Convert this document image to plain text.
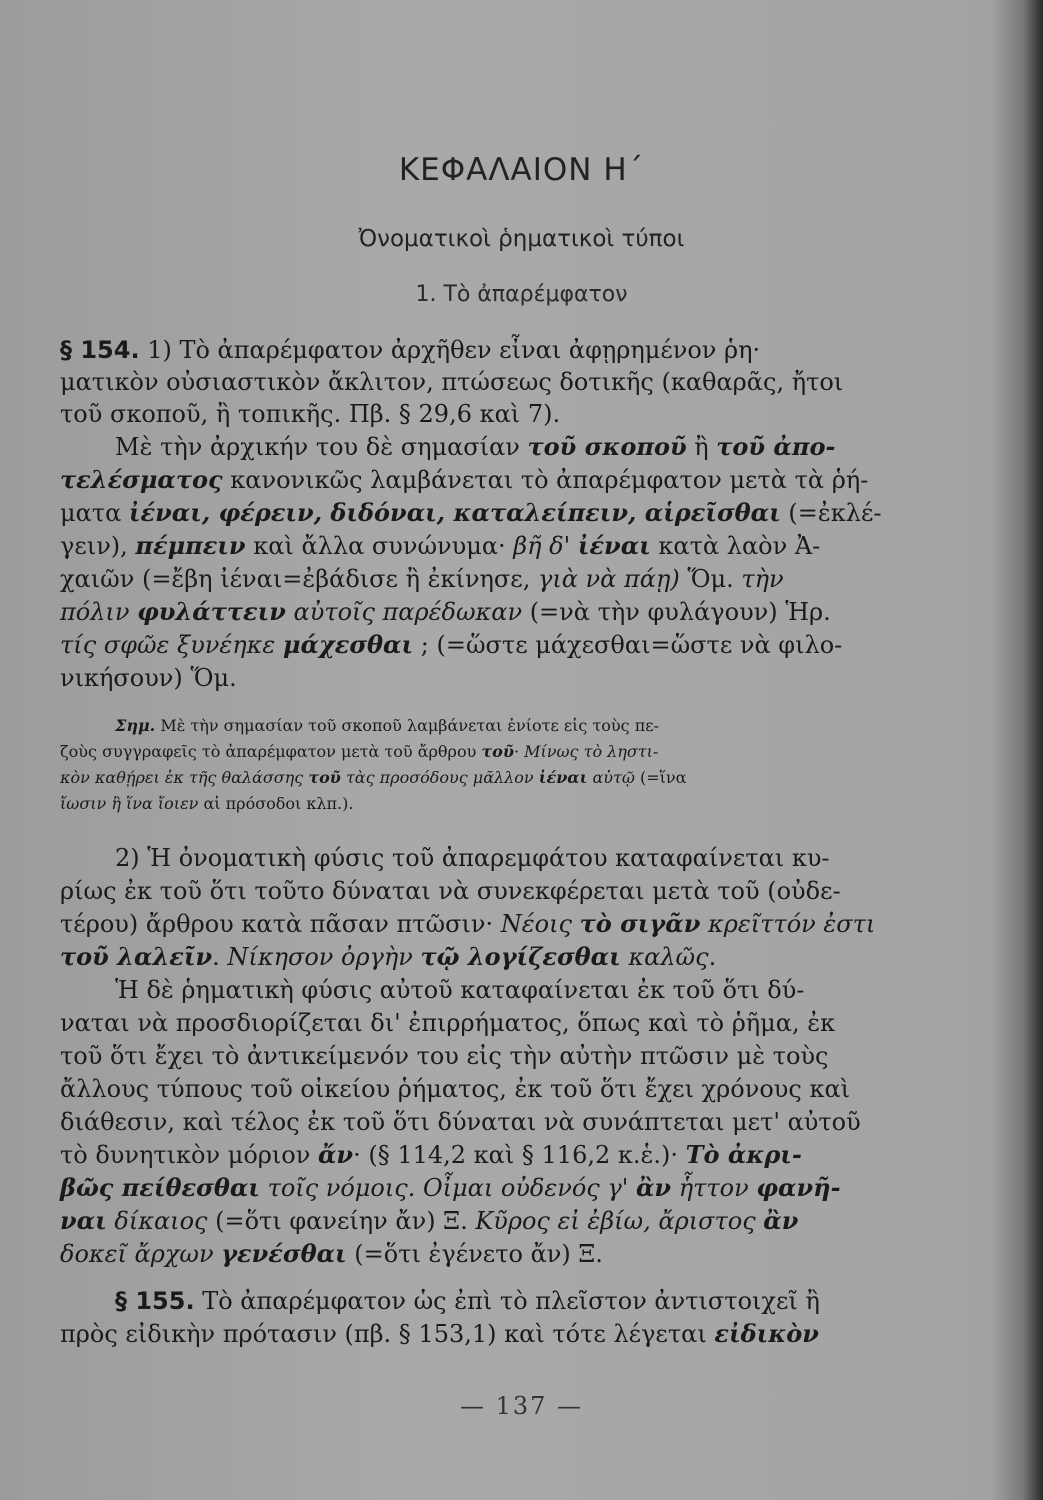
ΚΕΦΑΛΑΙΟΝ Η΄
Ὀνοματικοὶ ῥηματικοὶ τύποι
1. Τὸ ἀπαρέμφατον
§ 154. 1) Τὸ ἀπαρέμφατον ἀρχῆθεν εἶναι ἀφῃρημένον ῥη·
ματικὸν οὐσιαστικὸν ἄκλιτον, πτώσεως δοτικῆς (καθαρᾶς, ἤτοι
τοῦ σκοποῦ, ἢ τοπικῆς. Πβ. § 29,6 καὶ 7).
Μὲ τὴν ἀρχικήν του δὲ σημασίαν τοῦ σκοποῦ ἢ τοῦ ἀπο-
τελέσματος κανονικῶς λαμβάνεται τὸ ἀπαρέμφατον μετὰ τὰ ῥή-
ματα ἰέναι, φέρειν, διδόναι, καταλείπειν, αἱρεῖσθαι (=ἐκλέ-
γειν), πέμπειν καὶ ἄλλα συνώνυμα· βῆ δ' ἰέναι κατὰ λαὸν Ἀ-
χαιῶν (=ἔβη ἰέναι=ἐβάδισε ἢ ἐκίνησε, γιὰ νὰ πάῃ) Ὅμ. τὴν
πόλιν φυλάττειν αὐτοῖς παρέδωκαν (=νὰ τὴν φυλάγουν) Ἡρ.
τίς σφῶε ξυνέηκε μάχεσθαι ; (=ὥστε μάχεσθαι=ὥστε νὰ φιλο-
νικήσουν) Ὅμ.
Σημ. Μὲ τὴν σημασίαν τοῦ σκοποῦ λαμβάνεται ἐνίοτε εἰς τοὺς πε-
ζοὺς συγγραφεῖς τὸ ἀπαρέμφατον μετὰ τοῦ ἄρθρου τοῦ· Μίνως τὸ ληστι-
κὸν καθῄρει ἐκ τῆς θαλάσσης τοῦ τὰς προσόδους μᾶλλον ἰέναι αὐτῷ (=ἵνα
ἴωσιν ἢ ἵνα ἴοιεν αἱ πρόσοδοι κλπ.).
2) Ἡ ὀνοματικὴ φύσις τοῦ ἀπαρεμφάτου καταφαίνεται κυ-
ρίως ἐκ τοῦ ὅτι τοῦτο δύναται νὰ συνεκφέρεται μετὰ τοῦ (οὐδε-
τέρου) ἄρθρου κατὰ πᾶσαν πτῶσιν· Νέοις τὸ σιγᾶν κρεῖττόν ἐστι
τοῦ λαλεῖν. Νίκησον ὀργὴν τῷ λογίζεσθαι καλῶς.
Ἡ δὲ ῥηματικὴ φύσις αὐτοῦ καταφαίνεται ἐκ τοῦ ὅτι δύ-
ναται νὰ προσδιορίζεται δι' ἐπιρρήματος, ὅπως καὶ τὸ ῥῆμα, ἐκ
τοῦ ὅτι ἔχει τὸ ἀντικείμενόν του εἰς τὴν αὐτὴν πτῶσιν μὲ τοὺς
ἄλλους τύπους τοῦ οἰκείου ῥήματος, ἐκ τοῦ ὅτι ἔχει χρόνους καὶ
διάθεσιν, καὶ τέλος ἐκ τοῦ ὅτι δύναται νὰ συνάπτεται μετ' αὐτοῦ
τὸ δυνητικὸν μόριον ἄν· (§ 114,2 καὶ § 116,2 κ.ἑ.)· Τὸ ἀκρι-
βῶς πείθεσθαι τοῖς νόμοις. Οἶμαι οὐδενός γ' ἂν ἧττον φανῆ-
ναι δίκαιος (=ὅτι φανείην ἄν) Ξ. Κῦρος εἰ ἐβίω, ἄριστος ἂν
δοκεῖ ἄρχων γενέσθαι (=ὅτι ἐγένετο ἄν) Ξ.
§ 155. Τὸ ἀπαρέμφατον ὡς ἐπὶ τὸ πλεῖστον ἀντιστοιχεῖ ἢ
πρὸς εἰδικὴν πρότασιν (πβ. § 153,1) καὶ τότε λέγεται εἰδικὸν
— 137 —
